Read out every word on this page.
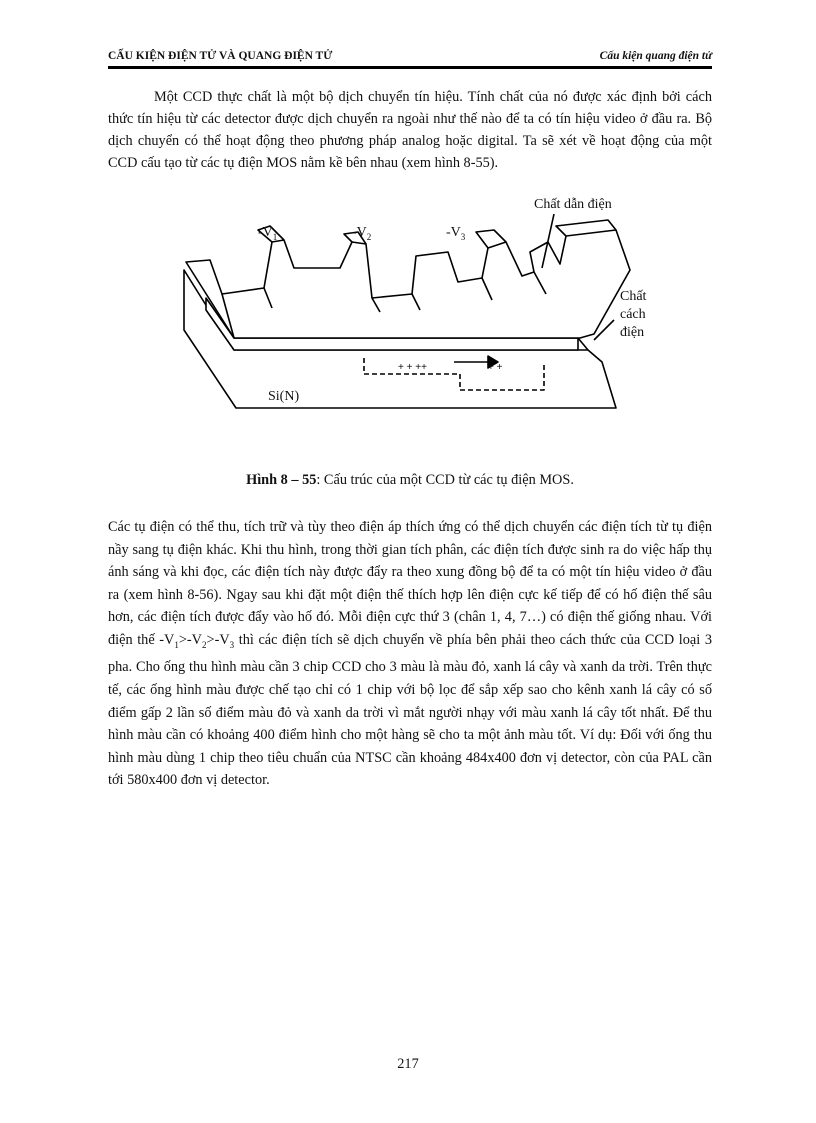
CẤU KIỆN ĐIỆN TỬ VÀ QUANG ĐIỆN TỬ	Cấu kiện quang điện tử

Một CCD thực chất là một bộ dịch chuyển tín hiệu. Tính chất của nó được xác định bởi cách thức tín hiệu từ các detector được dịch chuyển ra ngoài như thế nào để ta có tín hiệu video ở đầu ra. Bộ dịch chuyển có thể hoạt động theo phương pháp analog hoặc digital. Ta sẽ xét về hoạt động của một CCD cấu tạo từ các tụ điện MOS nằm kề bên nhau (xem hình 8-55).

Chất dẫn điện
$-V_1$	$-V_2$	$-V_3$
Chất
cách
điện
+ + ++	+ +
Si(N)

Hình 8 – 55: Cấu trúc của một CCD từ các tụ điện MOS.

Các tụ điện có thể thu, tích trữ và tùy theo điện áp thích ứng có thể dịch chuyển các điện tích từ tụ điện nầy sang tụ điện khác. Khi thu hình, trong thời gian tích phân, các điện tích được sinh ra do việc hấp thụ ánh sáng và khi đọc, các điện tích này được đẩy ra theo xung đồng bộ để ta có một tín hiệu video ở đầu ra (xem hình 8-56). Ngay sau khi đặt một điện thế thích hợp lên điện cực kế tiếp để có hố điện thế sâu hơn, các điện tích được đẩy vào hố đó. Mỗi điện cực thứ 3 (chân 1, 4, 7…) có điện thế giống nhau. Với điện thế $-V_1>-V_2>-V_3$ thì các điện tích sẽ dịch chuyển về phía bên phải theo cách thức của CCD loại 3 pha. Cho ống thu hình màu cần 3 chip CCD cho 3 màu là màu đỏ, xanh lá cây và xanh da trời. Trên thực tế, các ống hình màu được chế tạo chỉ có 1 chip với bộ lọc để sắp xếp sao cho kênh xanh lá cây có số điểm gấp 2 lần số điểm màu đỏ và xanh da trời vì mắt người nhạy với màu xanh lá cây tốt nhất. Để thu hình màu cần có khoảng 400 điểm hình cho một hàng sẽ cho ta một ảnh màu tốt. Ví dụ: Đối với ống thu hình màu dùng 1 chip theo tiêu chuẩn của NTSC cần khoảng 484x400 đơn vị detector, còn của PAL cần tới 580x400 đơn vị detector.

217
